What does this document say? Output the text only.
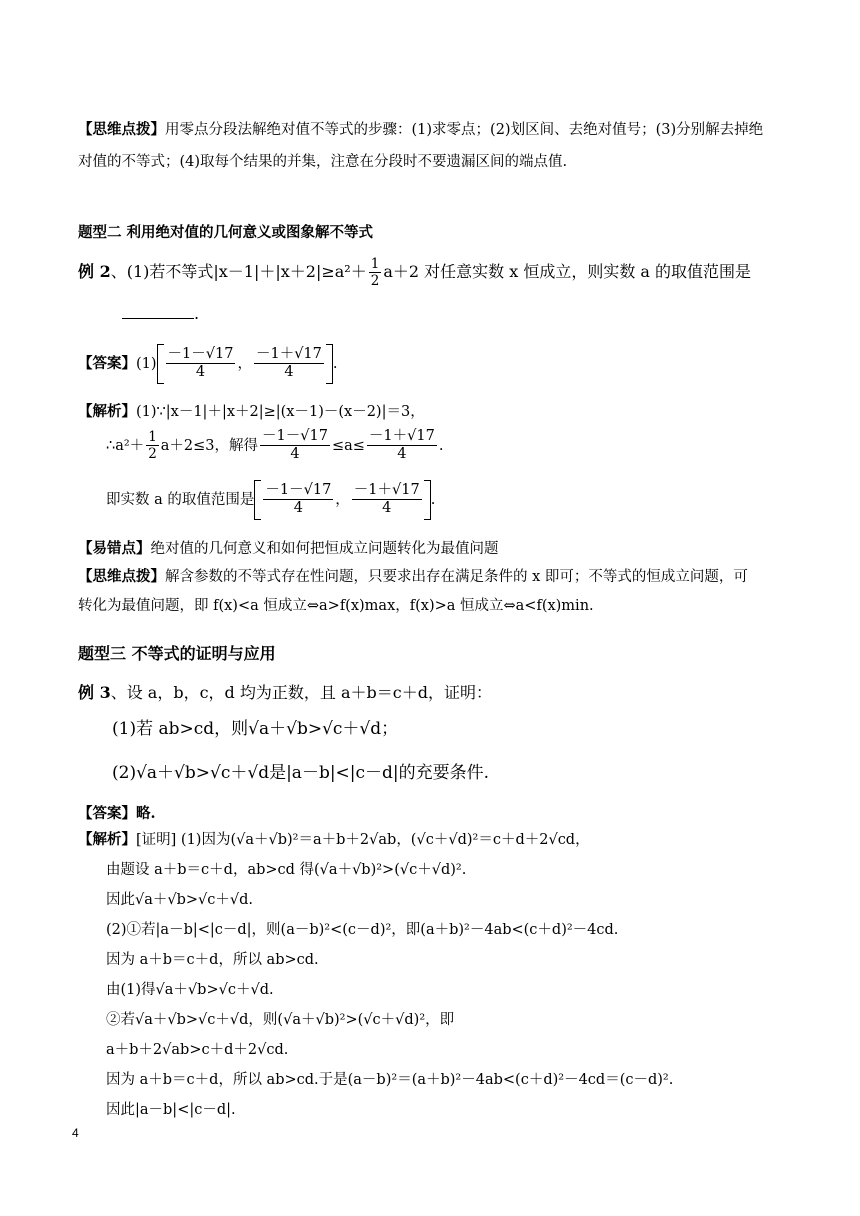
【思维点拨】用零点分段法解绝对值不等式的步骤：(1)求零点；(2)划区间、去绝对值号；(3)分别解去掉绝
对值的不等式；(4)取每个结果的并集，注意在分段时不要遗漏区间的端点值.
题型二 利用绝对值的几何意义或图象解不等式
例 2、(1)若不等式$|x-1|+|x+2|\ge a^2+ \frac{1}{2} a+2$ 对任意实数 x 恒成立，则实数 a 的取值范围是
.
【答案】$(1) \frac{-1-√17}{4}$ ， $\frac{-1+√17}{4}$ .
【解析】(1)∵|x－1|＋|x＋2|≥|(x－1)－(x－2)|＝3，
∴a²＋ $\frac{1}{2} a+2\le 3$，解得 $\frac{-1-√17}{4} \le a\le \frac{-1+√17}{4}$ .
即实数 a 的取值范围是 $\frac{-1-√17}{4}$ ， $\frac{-1+√17}{4}$ .
【易错点】绝对值的几何意义和如何把恒成立问题转化为最值问题
【思维点拨】解含参数的不等式存在性问题，只要求出存在满足条件的 x 即可；不等式的恒成立问题，可
转化为最值问题，即 f(x)<a 恒成立⇔a>f(x)max，f(x)>a 恒成立⇔a<f(x)min.
题型三 不等式的证明与应用
例 3、设 a，b，c，d 均为正数，且 a＋b＝c＋d，证明：
(1)若 ab>cd，则√a＋√b>√c＋√d；
(2)√a＋√b>√c＋√d是|a－b|<|c－d|的充要条件.
【答案】略.
【解析】[证明] (1)因为(√a＋√b)²＝a＋b＋2√ab，(√c＋√d)²＝c＋d＋2√cd，
由题设 a＋b＝c＋d，ab>cd 得(√a＋√b)²>(√c＋√d)².
因此√a＋√b>√c＋√d.
(2)①若|a－b|<|c－d|，则(a－b)²<(c－d)²，即(a＋b)²－4ab<(c＋d)²－4cd.
因为 a＋b＝c＋d，所以 ab>cd.
由(1)得√a＋√b>√c＋√d.
②若√a＋√b>√c＋√d，则(√a＋√b)²>(√c＋√d)²，即
a＋b＋2√ab>c＋d＋2√cd.
因为 a＋b＝c＋d，所以 ab>cd.于是(a－b)²＝(a＋b)²－4ab<(c＋d)²－4cd＝(c－d)².
因此|a－b|<|c－d|.
4
